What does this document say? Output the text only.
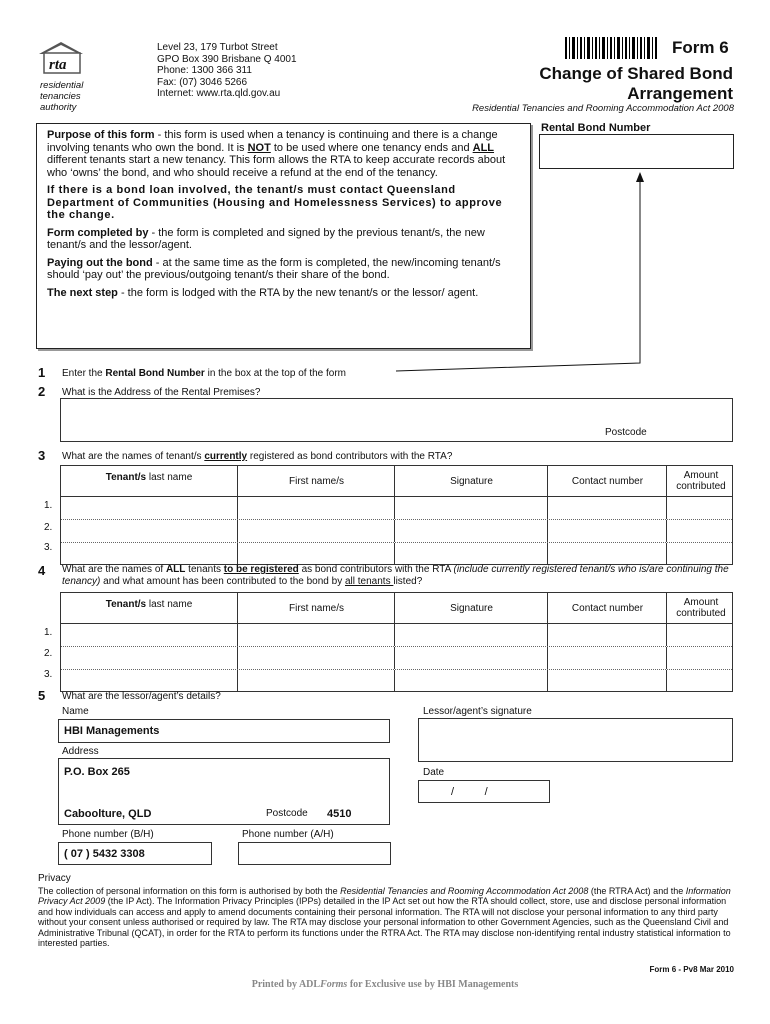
rta
residential
tenancies
authority
Level 23, 179 Turbot Street
GPO Box 390 Brisbane Q 4001
Phone: 1300 366 311
Fax: (07) 3046 5266
Internet: www.rta.qld.gov.au
Form 6
Change of Shared Bond
Arrangement
Residential Tenancies and Rooming Accommodation Act 2008

Purpose of this form - this form is used when a tenancy is continuing and there is a change involving tenants who own the bond. It is NOT to be used where one tenancy ends and ALL different tenants start a new tenancy. This form allows the RTA to keep accurate records about who ‘owns’ the bond, and who should receive a refund at the end of the tenancy.

If there is a bond loan involved, the tenant/s must contact Queensland Department of Communities (Housing and Homelessness Services) to approve the change.

Form completed by - the form is completed and signed by the previous tenant/s, the new tenant/s and the lessor/agent.

Paying out the bond - at the same time as the form is completed, the new/incoming tenant/s should ‘pay out’ the previous/outgoing tenant/s their share of the bond.

The next step - the form is lodged with the RTA by the new tenant/s or the lessor/ agent.

Rental Bond Number
1 Enter the Rental Bond Number in the box at the top of the form
2 What is the Address of the Rental Premises?
Postcode
3 What are the names of tenant/s currently registered as bond contributors with the RTA?
Tenant/s last name	First name/s	Signature	Contact number	Amount contributed
1.
2.
3.
4 What are the names of ALL tenants to be registered as bond contributors with the RTA (include currently registered tenant/s who is/are continuing the tenancy) and what amount has been contributed to the bond by all tenants listed?
Tenant/s last name	First name/s	Signature	Contact number	Amount contributed
1.
2.
3.
5 What are the lessor/agent’s details?
Name
HBI Managements
Lessor/agent’s signature
Address
P.O. Box 265
Caboolture, QLD	Postcode 4510
Date
/          /
Phone number (B/H)
( 07 ) 5432 3308
Phone number (A/H)
Privacy
The collection of personal information on this form is authorised by both the Residential Tenancies and Rooming Accommodation Act 2008 (the RTRA Act) and the Information Privacy Act 2009 (the IP Act). The Information Privacy Principles (IPPs) detailed in the IP Act set out how the RTA should collect, store, use and disclose personal information and how individuals can access and apply to amend documents containing their personal information. The RTA will not disclose your personal information to any third party without your consent unless authorised or required by law. The RTA may disclose your personal information to other Government Agencies, such as the Queensland Civil and Administrative Tribunal (QCAT), in order for the RTA to perform its functions under the RTRA Act. The RTA may disclose non-identifying rental industry statistical information to interested parties.
Printed by ADLForms for Exclusive use by HBI Managements
Form 6 - Pv8 Mar 2010
